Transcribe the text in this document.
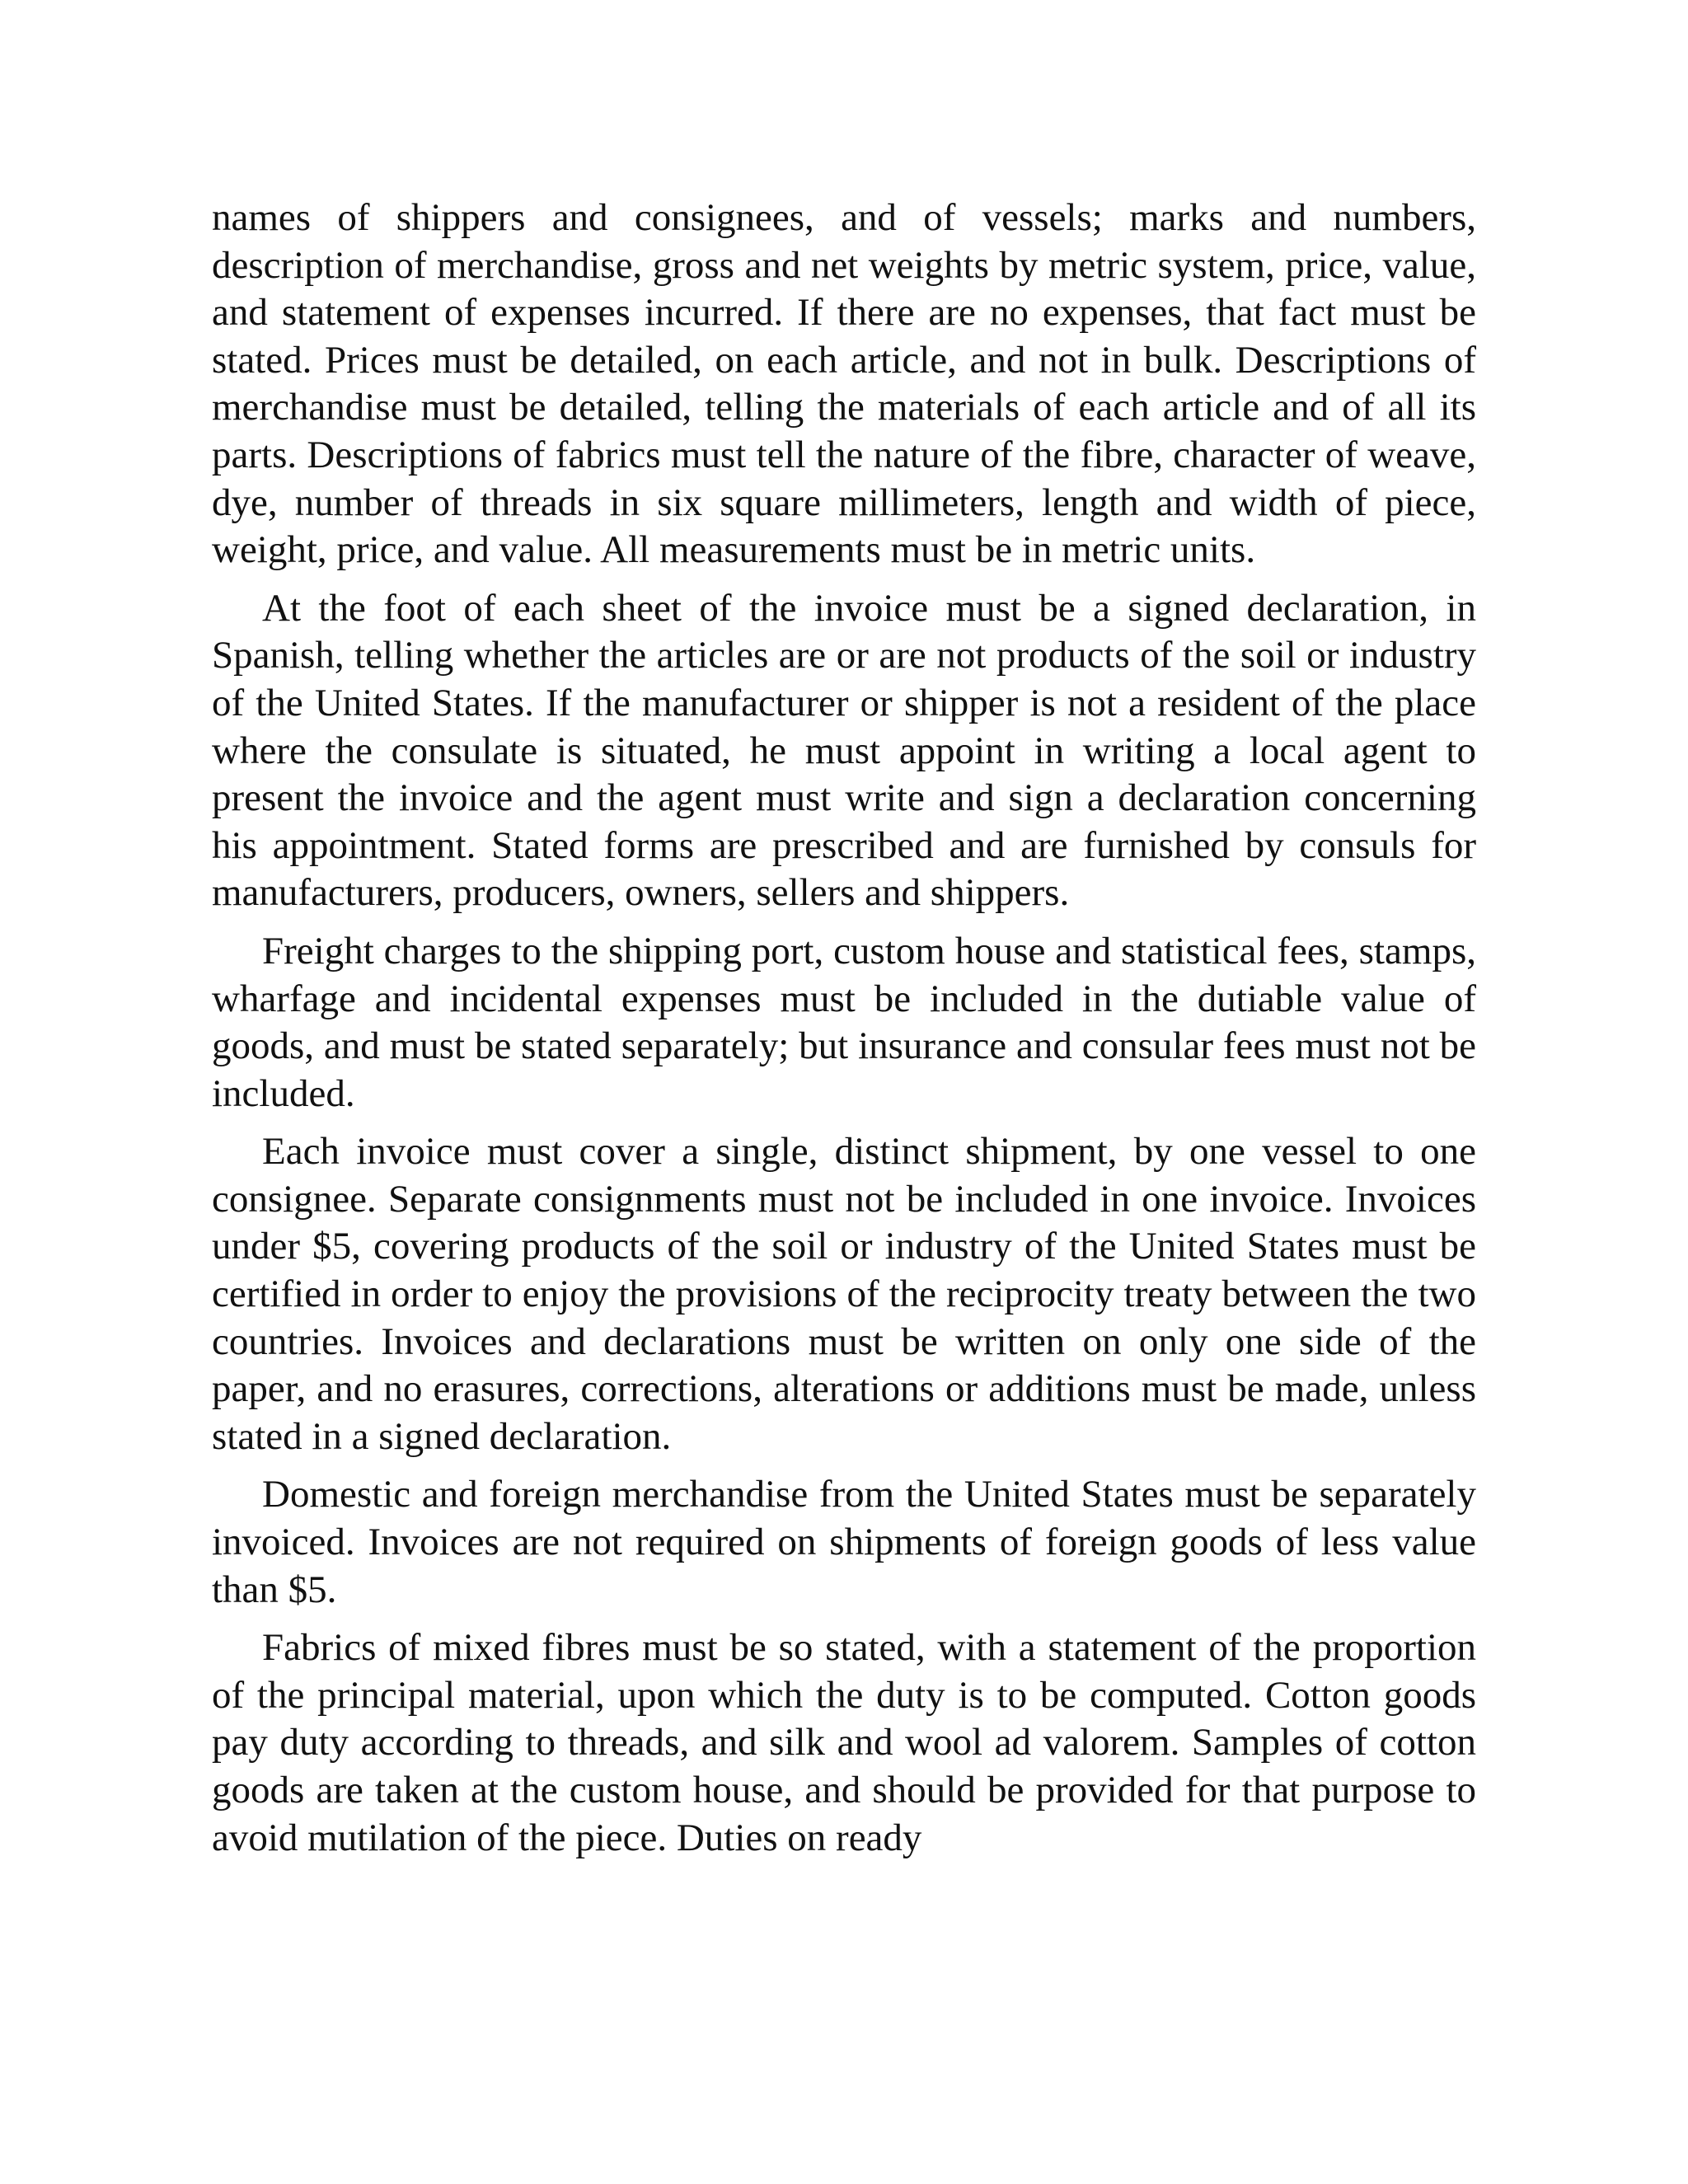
names of shippers and consignees, and of vessels; marks and numbers, description of merchandise, gross and net weights by metric system, price, value, and statement of expenses incurred. If there are no expenses, that fact must be stated. Prices must be detailed, on each article, and not in bulk. Descriptions of merchandise must be detailed, telling the materials of each article and of all its parts. Descriptions of fabrics must tell the nature of the fibre, character of weave, dye, number of threads in six square millimeters, length and width of piece, weight, price, and value. All measurements must be in metric units.

At the foot of each sheet of the invoice must be a signed declaration, in Spanish, telling whether the articles are or are not products of the soil or industry of the United States. If the manufacturer or shipper is not a resident of the place where the consulate is situated, he must appoint in writing a local agent to present the invoice and the agent must write and sign a declaration concerning his appointment. Stated forms are prescribed and are furnished by consuls for manufacturers, producers, owners, sellers and shippers.

Freight charges to the shipping port, custom house and statistical fees, stamps, wharfage and incidental expenses must be included in the dutiable value of goods, and must be stated separately; but insurance and consular fees must not be included.

Each invoice must cover a single, distinct shipment, by one vessel to one consignee. Separate consignments must not be included in one invoice. Invoices under $5, covering products of the soil or industry of the United States must be certified in order to enjoy the provisions of the reciprocity treaty between the two countries. Invoices and declarations must be written on only one side of the paper, and no erasures, corrections, alterations or additions must be made, unless stated in a signed declaration.

Domestic and foreign merchandise from the United States must be separately invoiced. Invoices are not required on shipments of foreign goods of less value than $5.

Fabrics of mixed fibres must be so stated, with a statement of the proportion of the principal material, upon which the duty is to be computed. Cotton goods pay duty according to threads, and silk and wool ad valorem. Samples of cotton goods are taken at the custom house, and should be provided for that purpose to avoid mutilation of the piece. Duties on ready
